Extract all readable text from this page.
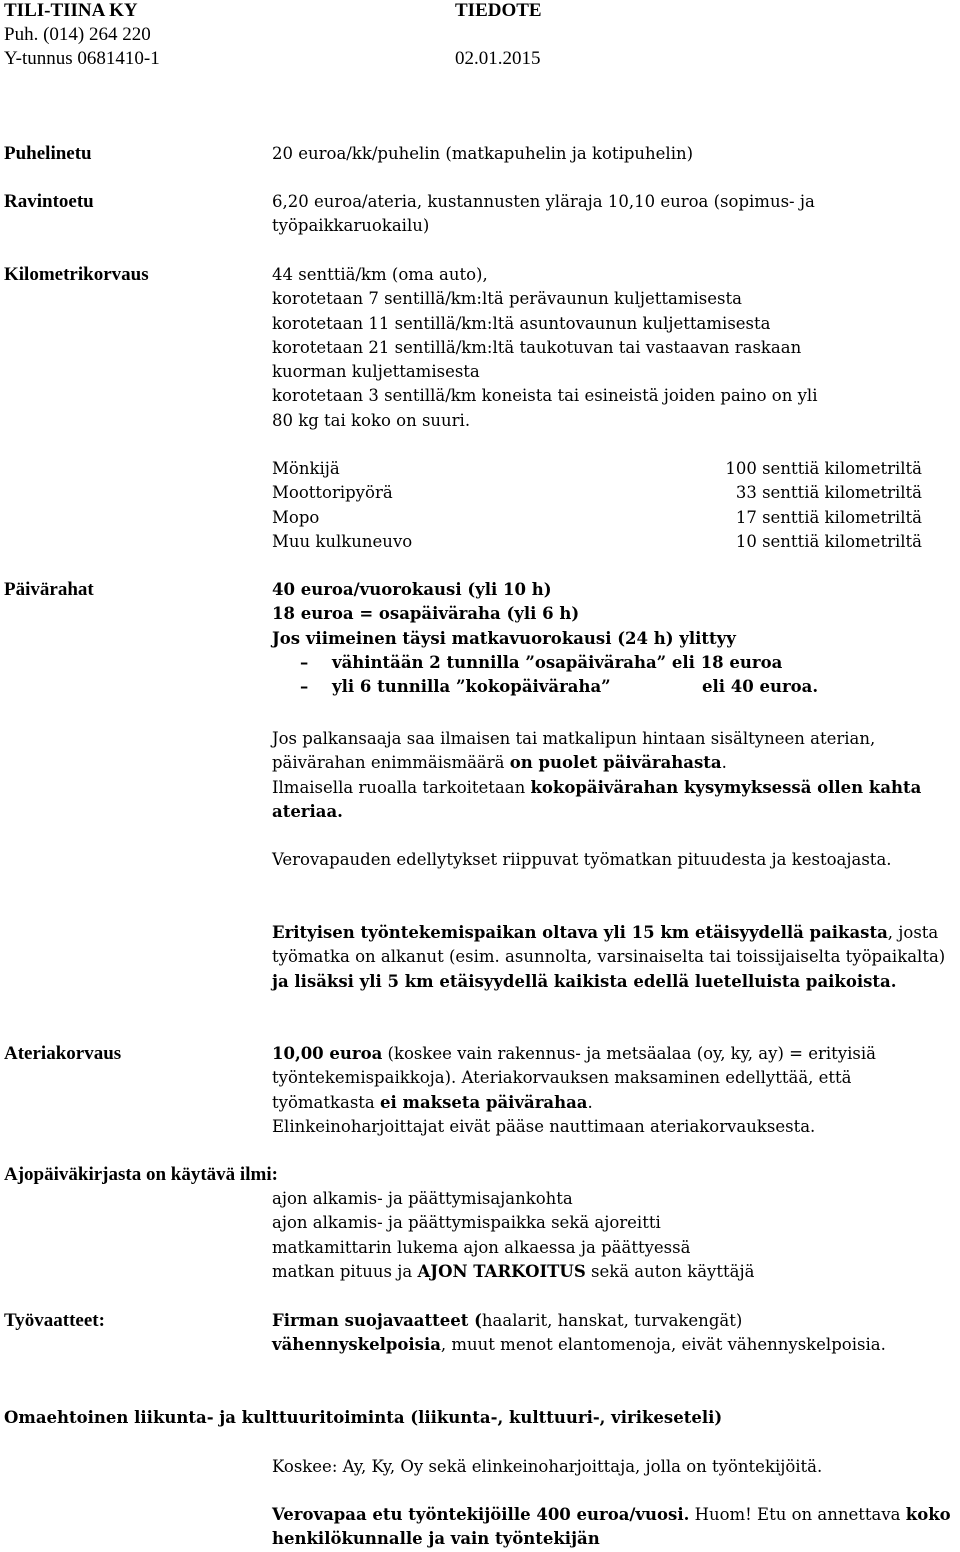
TILI-TIINA KY
Puh. (014) 264 220
Y-tunnus 0681410-1
TIEDOTE
02.01.2015
Puhelinetu	20 euroa/kk/puhelin (matkapuhelin ja kotipuhelin)

Ravintoetu	6,20 euroa/ateria, kustannusten yläraja 10,10 euroa (sopimus- ja

työpaikkaruokailu)

Kilometrikorvaus	44 senttiä/km (oma auto),

korotetaan 7 sentillä/km:ltä perävaunun kuljettamisesta

korotetaan 11 sentillä/km:ltä asuntovaunun kuljettamisesta

korotetaan 21 sentillä/km:ltä taukotuvan tai vastaavan raskaan

kuorman kuljettamisesta

korotetaan 3 sentillä/km koneista tai esineistä joiden paino on yli

80 kg tai koko on suuri.

Mönkijä	100 senttiä kilometriltä
Moottoripyörä	33 senttiä kilometriltä
Mopo	17 senttiä kilometriltä
Muu kulkuneuvo	10 senttiä kilometriltä
Päivärahat	40 euroa/vuorokausi (yli 10 h)

18 euroa = osapäiväraha (yli 6 h)

Jos viimeinen täysi matkavuorokausi (24 h) ylittyy

–	vähintään 2 tunnilla ”osapäiväraha” eli 18 euroa
–	yli 6 tunnilla ”kokopäiväraha”	eli 40 euroa.

Jos palkansaaja saa ilmaisen tai matkalipun hintaan sisältyneen aterian, päivärahan enimmäismäärä on puolet päivärahasta.

Ilmaisella ruoalla tarkoitetaan kokopäivärahan kysymyksessä ollen kahta ateriaa.

Verovapauden edellytykset riippuvat työmatkan pituudesta ja kestoajasta.

Erityisen työntekemispaikan oltava yli 15 km etäisyydellä paikasta, josta työmatka on alkanut (esim. asunnolta, varsinaiselta tai toissijaiselta työpaikalta) ja lisäksi yli 5 km etäisyydellä kaikista edellä luetelluista paikoista.

Ateriakorvaus	10,00 euroa (koskee vain rakennus- ja metsäalaa (oy, ky, ay) = erityisiä työntekemispaikkoja). Ateriakorvauksen maksaminen edellyttää, että työmatkasta ei makseta päivärahaa.

Elinkeinoharjoittajat eivät pääse nauttimaan ateriakorvauksesta.

Ajopäiväkirjasta on käytävä ilmi:

ajon alkamis- ja päättymisajankohta

ajon alkamis- ja päättymispaikka sekä ajoreitti

matkamittarin lukema ajon alkaessa ja päättyessä

matkan pituus ja AJON TARKOITUS sekä auton käyttäjä

Työvaatteet:	Firman suojavaatteet (haalarit, hanskat, turvakengät)

vähennyskelpoisia, muut menot elantomenoja, eivät vähennyskelpoisia.

Omaehtoinen liikunta- ja kulttuuritoiminta (liikunta-, kulttuuri-, virikeseteli)

Koskee: Ay, Ky, Oy sekä elinkeinoharjoittaja, jolla on työntekijöitä.

Verovapaa etu työntekijöille 400 euroa/vuosi. Huom! Etu on annettava koko henkilökunnalle ja vain työntekijän
